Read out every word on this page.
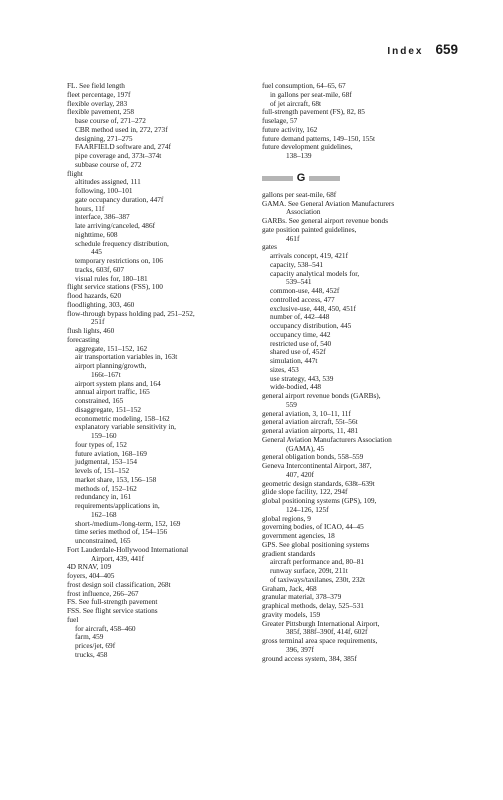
Index 659
FL. See field length
fleet percentage, 197f
flexible overlay, 283
flexible pavement, 258
base course of, 271–272
CBR method used in, 272, 273f
designing, 271–275
FAARFIELD software and, 274f
pipe coverage and, 373t–374t
subbase course of, 272
flight
altitudes assigned, 111
following, 100–101
gate occupancy duration, 447f
hours, 11f
interface, 386–387
late arriving/canceled, 486f
nighttime, 608
schedule frequency distribution,
445
temporary restrictions on, 106
tracks, 603f, 607
visual rules for, 180–181
flight service stations (FSS), 100
flood hazards, 620
floodlighting, 303, 460
flow-through bypass holding pad, 251–252,
251f
flush lights, 460
forecasting
aggregate, 151–152, 162
air transportation variables in, 163t
airport planning/growth,
166t–167t
airport system plans and, 164
annual airport traffic, 165
constrained, 165
disaggregate, 151–152
econometric modeling, 158–162
explanatory variable sensitivity in,
159–160
four types of, 152
future aviation, 168–169
judgmental, 153–154
levels of, 151–152
market share, 153, 156–158
methods of, 152–162
redundancy in, 161
requirements/applications in,
162–168
short-/medium-/long-term, 152, 169
time series method of, 154–156
unconstrained, 165
Fort Lauderdale-Hollywood International
Airport, 439, 441f
4D RNAV, 109
foyers, 404–405
frost design soil classification, 268t
frost influence, 266–267
FS. See full-strength pavement
FSS. See flight service stations
fuel
for aircraft, 458–460
farm, 459
prices/jet, 69f
trucks, 458
fuel consumption, 64–65, 67
in gallons per seat-mile, 68f
of jet aircraft, 68t
full-strength pavement (FS), 82, 85
fuselage, 57
future activity, 162
future demand patterns, 149–150, 155t
future development guidelines,
138–139
G
gallons per seat-mile, 68f
GAMA. See General Aviation Manufacturers
Association
GARBs. See general airport revenue bonds
gate position painted guidelines,
461f
gates
arrivals concept, 419, 421f
capacity, 538–541
capacity analytical models for,
539–541
common-use, 448, 452f
controlled access, 477
exclusive-use, 448, 450, 451f
number of, 442–448
occupancy distribution, 445
occupancy time, 442
restricted use of, 540
shared use of, 452f
simulation, 447t
sizes, 453
use strategy, 443, 539
wide-bodied, 448
general airport revenue bonds (GARBs),
559
general aviation, 3, 10–11, 11f
general aviation aircraft, 55t–56t
general aviation airports, 11, 481
General Aviation Manufacturers Association
(GAMA), 45
general obligation bonds, 558–559
Geneva Intercontinental Airport, 387,
407, 420f
geometric design standards, 638t–639t
glide slope facility, 122, 294f
global positioning systems (GPS), 109,
124–126, 125f
global regions, 9
governing bodies, of ICAO, 44–45
government agencies, 18
GPS. See global positioning systems
gradient standards
aircraft performance and, 80–81
runway surface, 209t, 211t
of taxiways/taxilanes, 230t, 232t
Graham, Jack, 468
granular material, 378–379
graphical methods, delay, 525–531
gravity models, 159
Greater Pittsburgh International Airport,
385f, 388f–390f, 414f, 602f
gross terminal area space requirements,
396, 397f
ground access system, 384, 385f
